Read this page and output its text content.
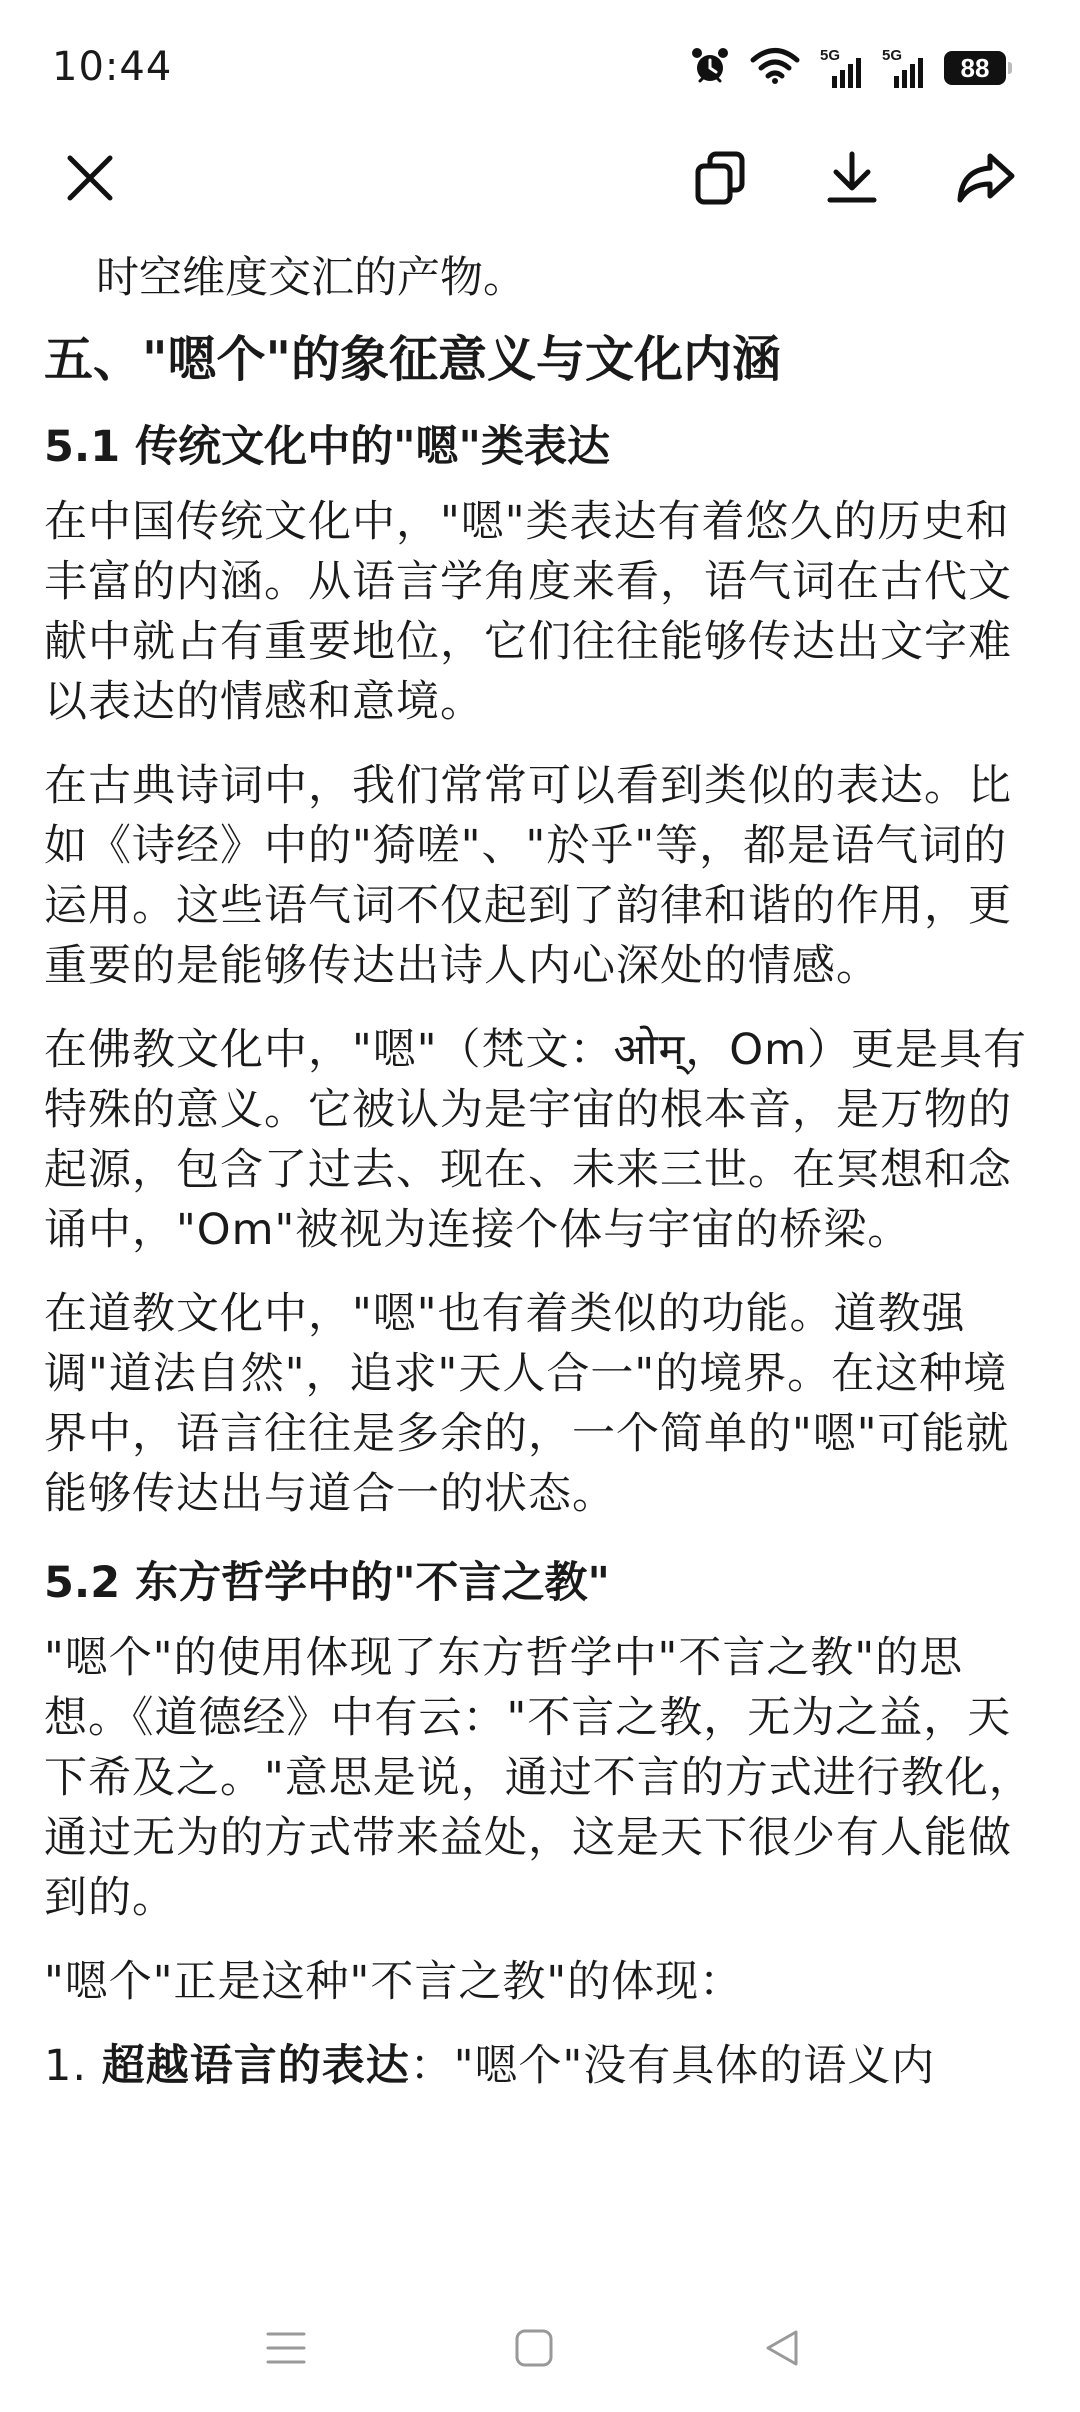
10:44	5G	5G	88

时空维度交汇的产物。

五、"嗯个"的象征意义与文化内涵
5.1 传统文化中的"嗯"类表达

在中国传统文化中，"嗯"类表达有着悠久的历史和丰富的内涵。从语言学角度来看，语气词在古代文献中就占有重要地位，它们往往能够传达出文字难以表达的情感和意境。

在古典诗词中，我们常常可以看到类似的表达。比如《诗经》中的"猗嗟"、"於乎"等，都是语气词的运用。这些语气词不仅起到了韵律和谐的作用，更重要的是能够传达出诗人内心深处的情感。

在佛教文化中，"嗯"（梵文：ओम्，Om）更是具有特殊的意义。它被认为是宇宙的根本音，是万物的起源，包含了过去、现在、未来三世。在冥想和念诵中，"Om"被视为连接个体与宇宙的桥梁。

在道教文化中，"嗯"也有着类似的功能。道教强调"道法自然"，追求"天人合一"的境界。在这种境界中，语言往往是多余的，一个简单的"嗯"可能就能够传达出与道合一的状态。

5.2 东方哲学中的"不言之教"

"嗯个"的使用体现了东方哲学中"不言之教"的思想。《道德经》中有云："不言之教，无为之益，天下希及之。"意思是说，通过不言的方式进行教化，通过无为的方式带来益处，这是天下很少有人能做到的。

"嗯个"正是这种"不言之教"的体现：

1. 超越语言的表达："嗯个"没有具体的语义内
